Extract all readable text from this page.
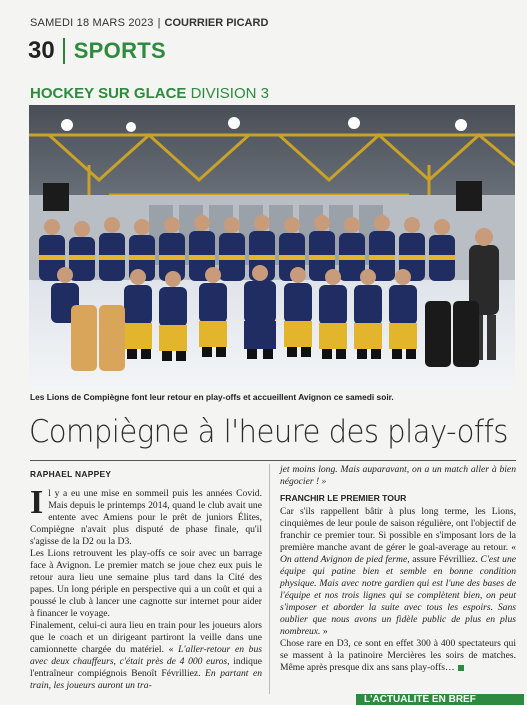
SAMEDI 18 MARS 2023 | COURRIER PICARD
30 SPORTS
HOCKEY SUR GLACE DIVISION 3
Les Lions de Compiègne font leur retour en play-offs et accueillent Avignon ce samedi soir.
Compiègne à l'heure des play-offs
RAPHAEL NAPPEY

Il y a eu une mise en sommeil puis les années Covid. Mais depuis le printemps 2014, quand le club avait une entente avec Amiens pour le prêt de juniors Élites, Compiègne n'avait plus disputé de phase finale, qu'il s'agisse de la D2 ou la D3.

Les Lions retrouvent les play-offs ce soir avec un barrage face à Avignon. Le premier match se joue chez eux puis le retour aura lieu une semaine plus tard dans la Cité des papes. Un long périple en perspective qui a un coût et qui a poussé le club à lancer une cagnotte sur internet pour aider à financer le voyage.

Finalement, celui-ci aura lieu en train pour les joueurs alors que le coach et un dirigeant partiront la veille dans une camionnette chargée du matériel. « L'aller-retour en bus avec deux chauffeurs, c'était près de 4 000 euros, indique l'entraîneur compiégnois Benoît Févrilliez. En partant en train, les joueurs auront un tra-

jet moins long. Mais auparavant, on a un match aller à bien négocier ! »

FRANCHIR LE PREMIER TOUR

Car s'ils rappellent bâtir à plus long terme, les Lions, cinquièmes de leur poule de saison régulière, ont l'objectif de franchir ce premier tour. Si possible en s'imposant lors de la première manche avant de gérer le goal-average au retour. « On attend Avignon de pied ferme, assure Févrilliez. C'est une équipe qui patine bien et semble en bonne condition physique. Mais avec notre gardien qui est l'une des bases de l'équipe et nos trois lignes qui se complètent bien, on peut s'imposer et aborder la suite avec tous les espoirs. Sans oublier que nous avons un fidèle public de plus en plus nombreux. »

Chose rare en D3, ce sont en effet 300 à 400 spectateurs qui se massent à la patinoire Mercières les soirs de matches. Même après presque dix ans sans play-offs…

L'ACTUALITÉ EN BREF
